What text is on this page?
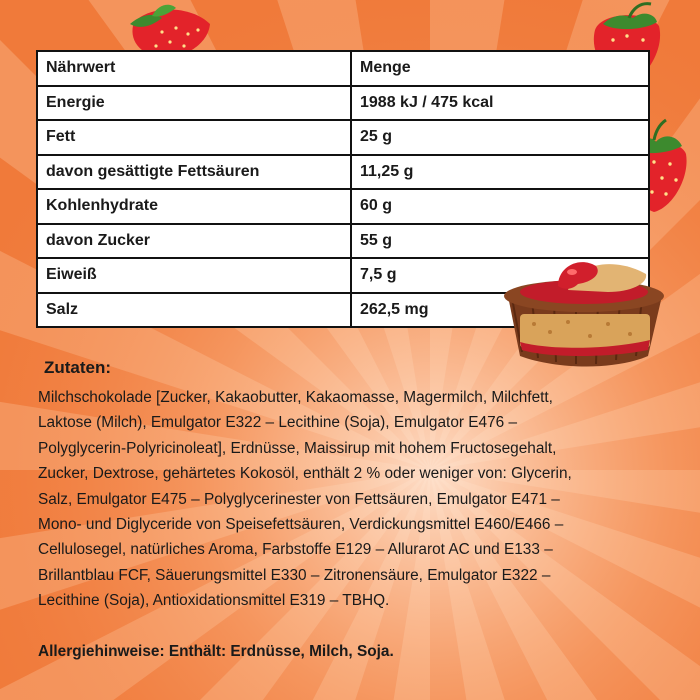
Nährwert	Menge
Energie	1988 kJ / 475 kcal
Fett	25 g
davon gesättigte Fettsäuren	11,25 g
Kohlenhydrate	60 g
davon Zucker	55 g
Eiweiß	7,5 g
Salz	262,5 mg
Zutaten:
Milchschokolade [Zucker, Kakaobutter, Kakaomasse, Magermilch, Milchfett,
Laktose (Milch), Emulgator E322 – Lecithine (Soja), Emulgator E476 –
Polyglycerin-Polyricinoleat], Erdnüsse, Maissirup mit hohem Fructosegehalt,
Zucker, Dextrose, gehärtetes Kokosöl, enthält 2 % oder weniger von: Glycerin,
Salz, Emulgator E475 – Polyglycerinester von Fettsäuren, Emulgator E471 –
Mono- und Diglyceride von Speisefettsäuren, Verdickungsmittel E460/E466 –
Cellulosegel, natürliches Aroma, Farbstoffe E129 – Allurarot AC und E133 –
Brillantblau FCF, Säuerungsmittel E330 – Zitronensäure, Emulgator E322 –
Lecithine (Soja), Antioxidationsmittel E319 – TBHQ.
Allergiehinweise: Enthält: Erdnüsse, Milch, Soja.
